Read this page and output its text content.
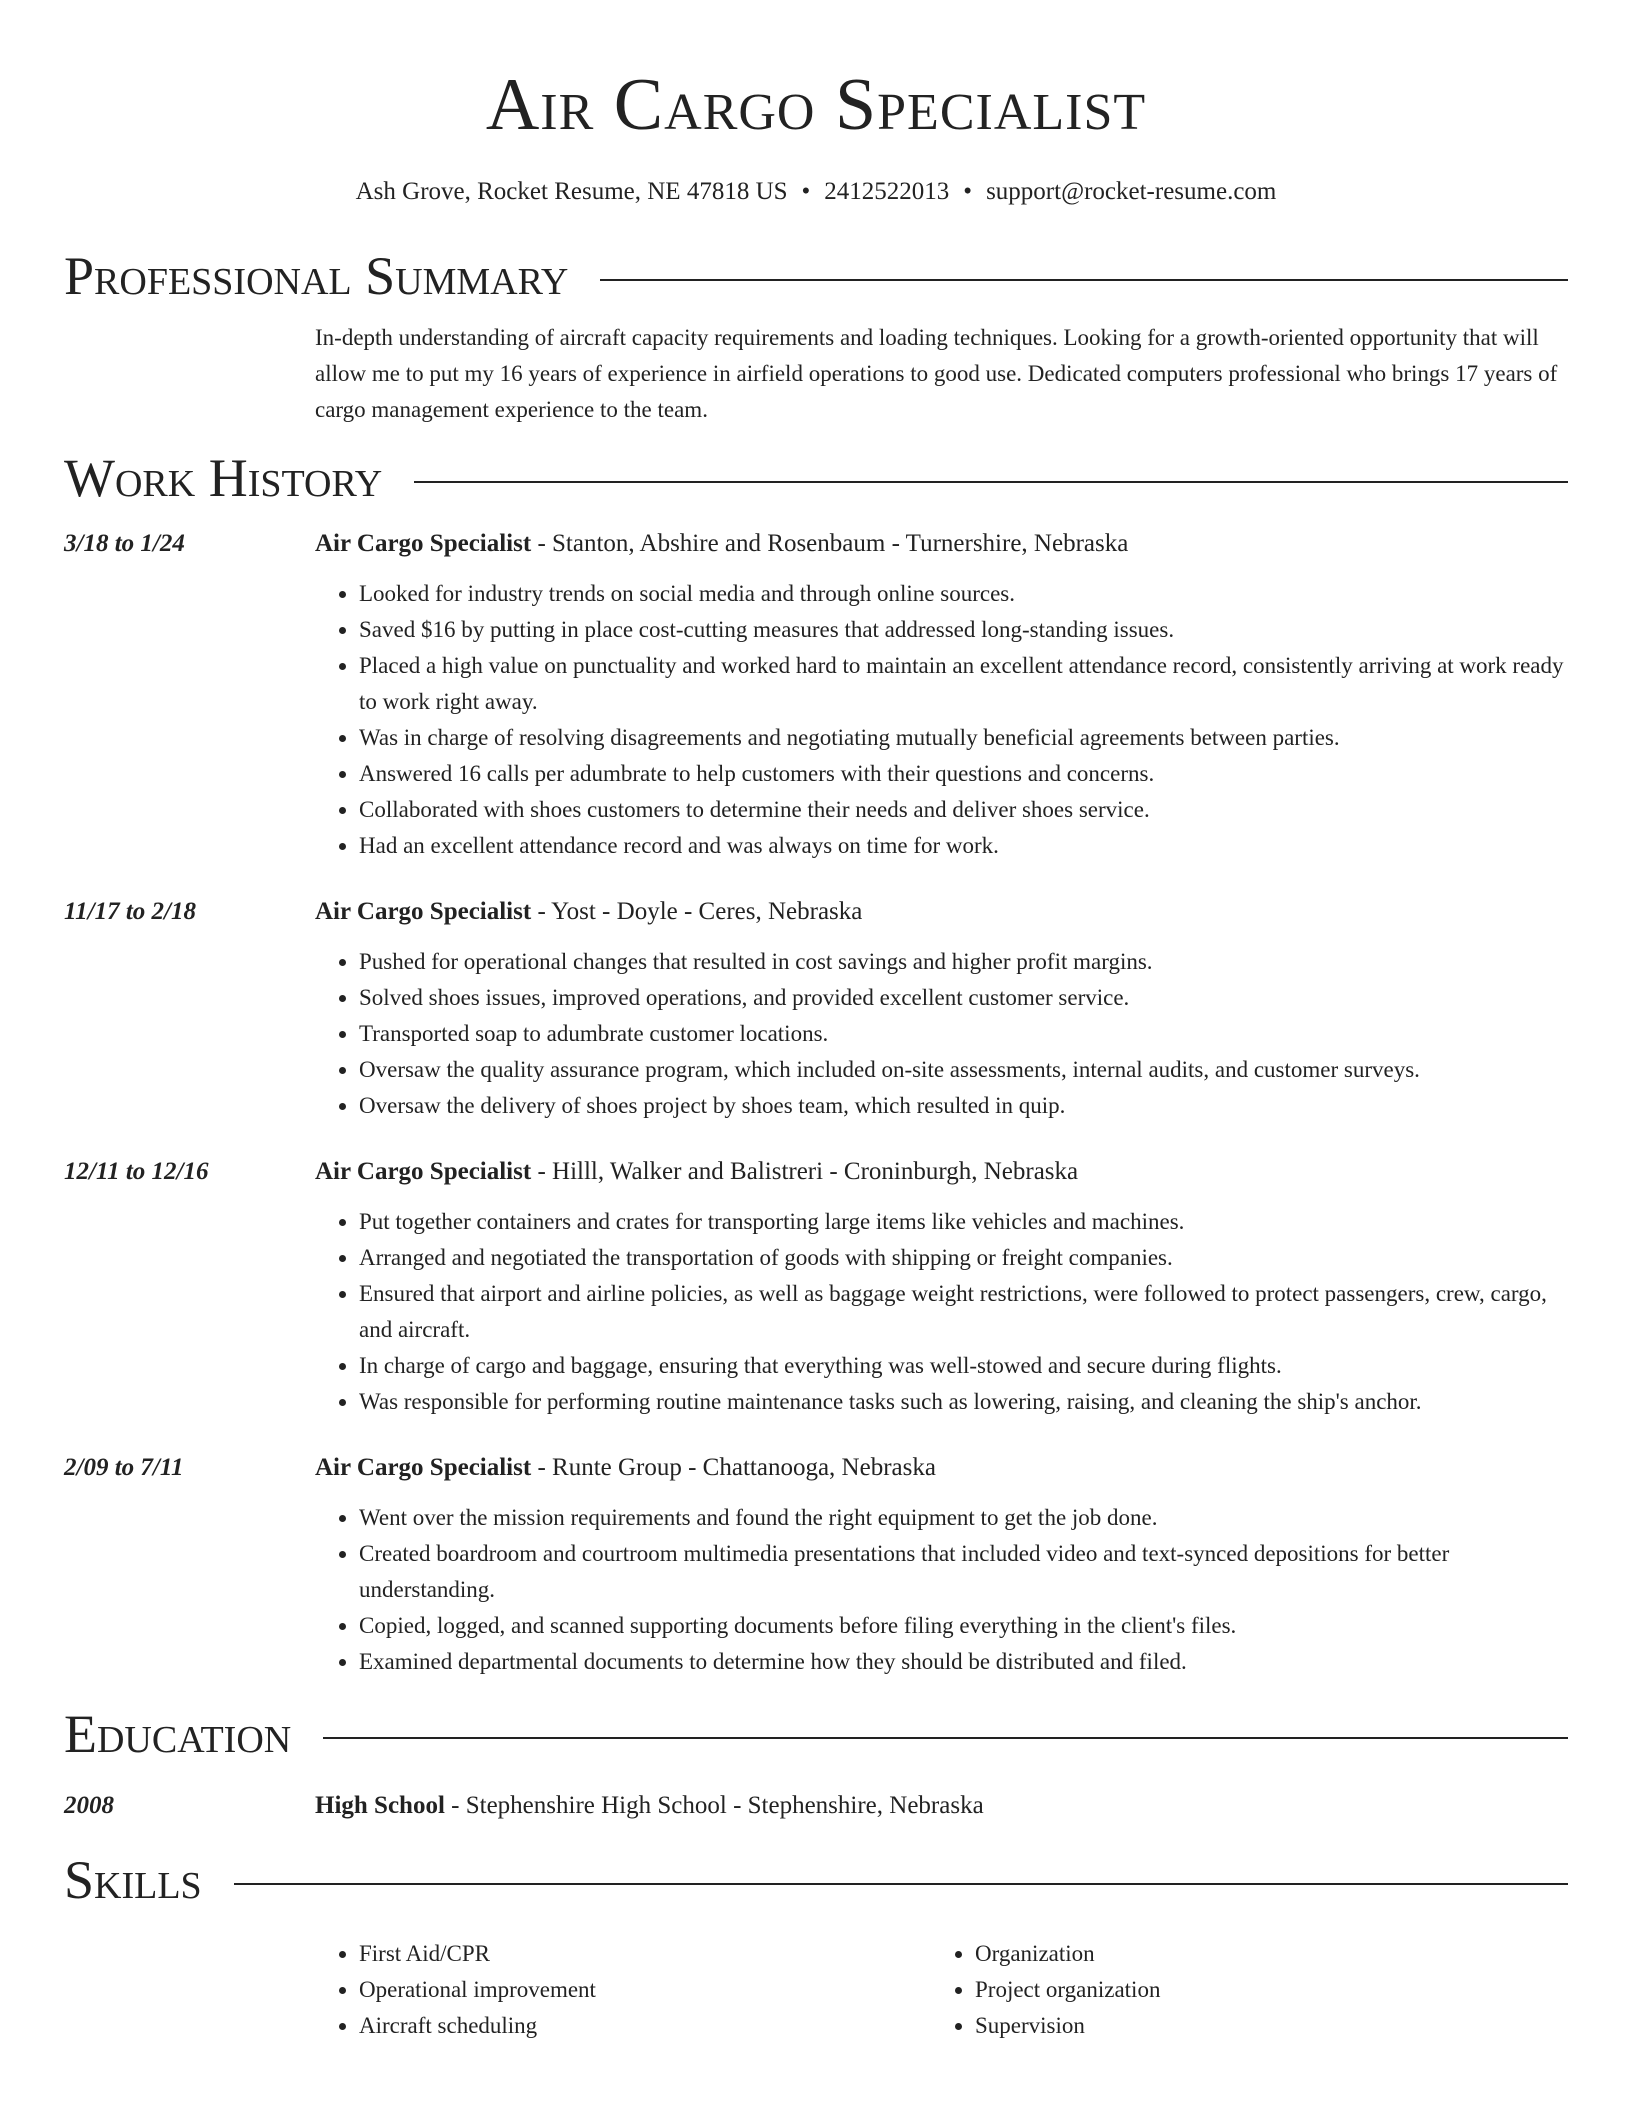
Air Cargo Specialist
Ash Grove, Rocket Resume, NE 47818 US • 2412522013 • support@rocket-resume.com
Professional Summary
In-depth understanding of aircraft capacity requirements and loading techniques. Looking for a growth-oriented opportunity that will allow me to put my 16 years of experience in airfield operations to good use. Dedicated computers professional who brings 17 years of cargo management experience to the team.
Work History
3/18 to 1/24	Air Cargo Specialist - Stanton, Abshire and Rosenbaum - Turnershire, Nebraska
• Looked for industry trends on social media and through online sources.
• Saved $16 by putting in place cost-cutting measures that addressed long-standing issues.
• Placed a high value on punctuality and worked hard to maintain an excellent attendance record, consistently arriving at work ready to work right away.
• Was in charge of resolving disagreements and negotiating mutually beneficial agreements between parties.
• Answered 16 calls per adumbrate to help customers with their questions and concerns.
• Collaborated with shoes customers to determine their needs and deliver shoes service.
• Had an excellent attendance record and was always on time for work.
11/17 to 2/18	Air Cargo Specialist - Yost - Doyle - Ceres, Nebraska
• Pushed for operational changes that resulted in cost savings and higher profit margins.
• Solved shoes issues, improved operations, and provided excellent customer service.
• Transported soap to adumbrate customer locations.
• Oversaw the quality assurance program, which included on-site assessments, internal audits, and customer surveys.
• Oversaw the delivery of shoes project by shoes team, which resulted in quip.
12/11 to 12/16	Air Cargo Specialist - Hilll, Walker and Balistreri - Croninburgh, Nebraska
• Put together containers and crates for transporting large items like vehicles and machines.
• Arranged and negotiated the transportation of goods with shipping or freight companies.
• Ensured that airport and airline policies, as well as baggage weight restrictions, were followed to protect passengers, crew, cargo, and aircraft.
• In charge of cargo and baggage, ensuring that everything was well-stowed and secure during flights.
• Was responsible for performing routine maintenance tasks such as lowering, raising, and cleaning the ship's anchor.
2/09 to 7/11	Air Cargo Specialist - Runte Group - Chattanooga, Nebraska
• Went over the mission requirements and found the right equipment to get the job done.
• Created boardroom and courtroom multimedia presentations that included video and text-synced depositions for better understanding.
• Copied, logged, and scanned supporting documents before filing everything in the client's files.
• Examined departmental documents to determine how they should be distributed and filed.
Education
2008	High School - Stephenshire High School - Stephenshire, Nebraska
Skills
• First Aid/CPR
• Operational improvement
• Aircraft scheduling
• Organization
• Project organization
• Supervision
